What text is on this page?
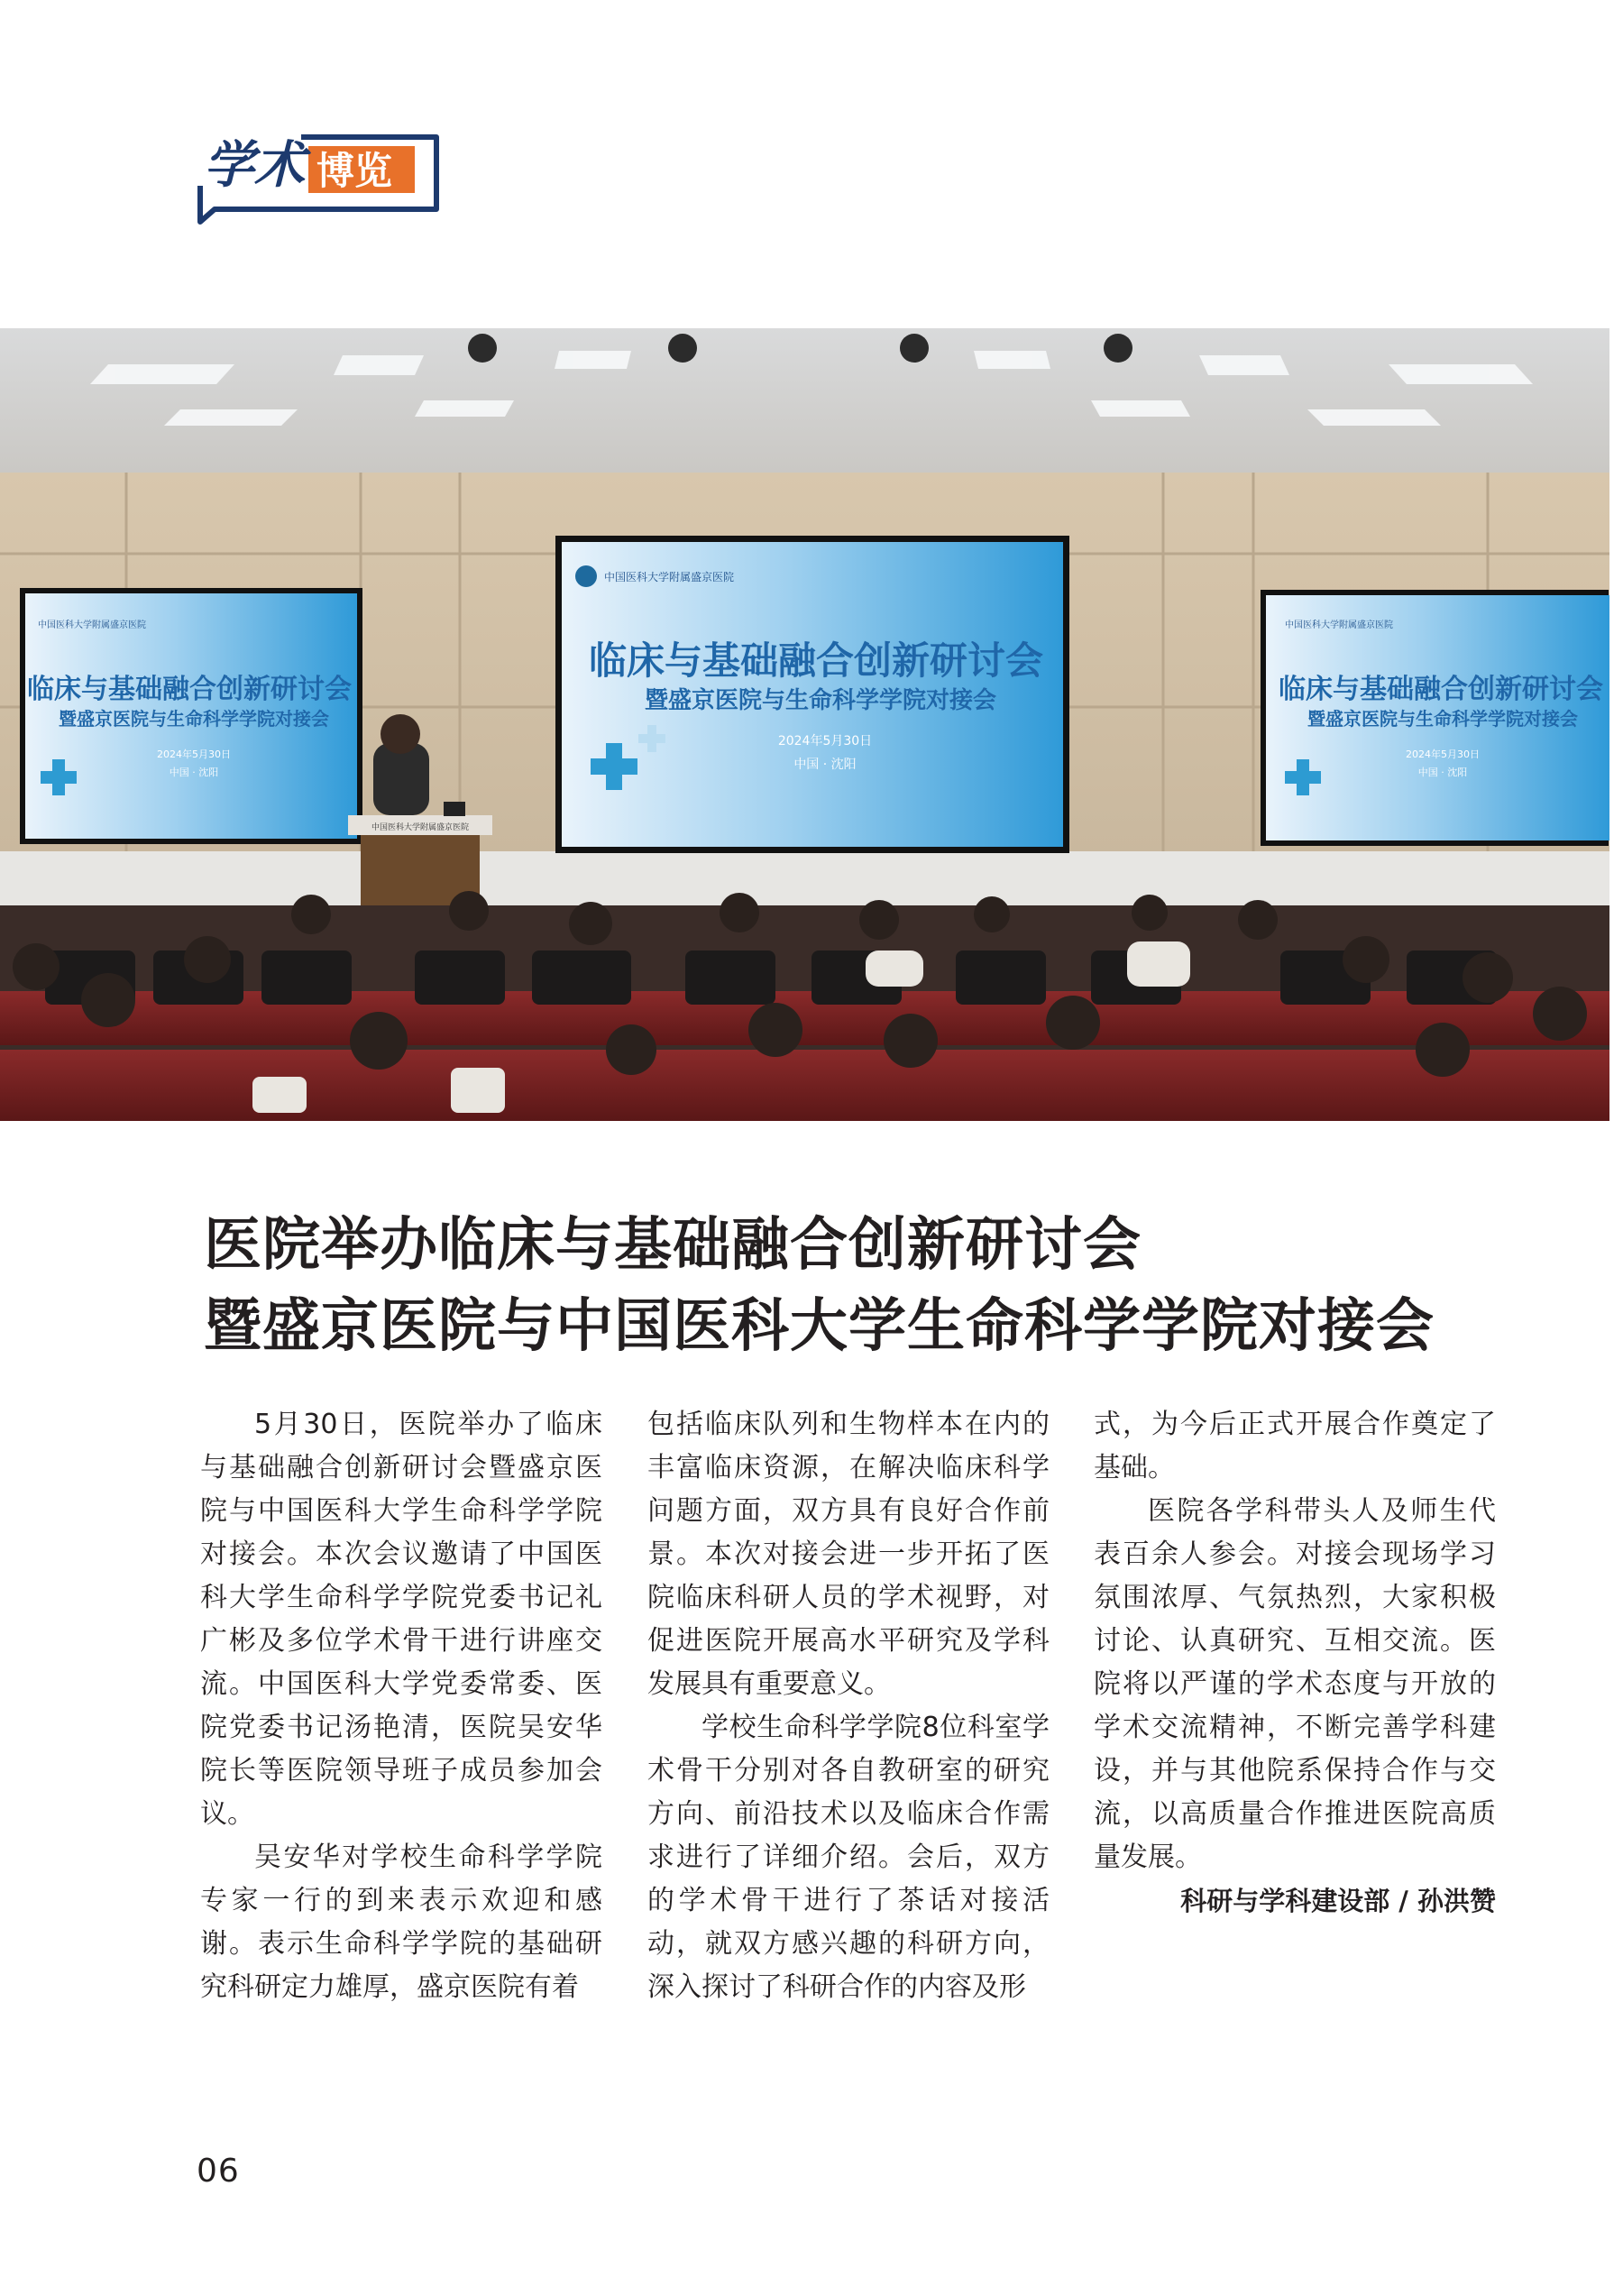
学术 博览
中国医科大学附属盛京医院
临床与基础融合创新研讨会
暨盛京医院与生命科学学院对接会
2024年5月30日
中国 · 沈阳
中国医科大学附属盛京医院
临床与基础融合创新研讨会
暨盛京医院与生命科学学院对接会
2024年5月30日
中国 · 沈阳
中国医科大学附属盛京医院
临床与基础融合创新研讨会
暨盛京医院与生命科学学院对接会
2024年5月30日
中国 · 沈阳
中国医科大学附属盛京医院
医院举办临床与基础融合创新研讨会
暨盛京医院与中国医科大学生命科学学院对接会

5月30日，医院举办了临床与基础融合创新研讨会暨盛京医院与中国医科大学生命科学学院对接会。本次会议邀请了中国医科大学生命科学学院党委书记礼广彬及多位学术骨干进行讲座交流。中国医科大学党委常委、医院党委书记汤艳清，医院吴安华院长等医院领导班子成员参加会议。

吴安华对学校生命科学学院专家一行的到来表示欢迎和感谢。表示生命科学学院的基础研究科研定力雄厚，盛京医院有着

包括临床队列和生物样本在内的丰富临床资源，在解决临床科学问题方面，双方具有良好合作前景。本次对接会进一步开拓了医院临床科研人员的学术视野，对促进医院开展高水平研究及学科发展具有重要意义。

学校生命科学学院8位科室学术骨干分别对各自教研室的研究方向、前沿技术以及临床合作需求进行了详细介绍。会后，双方的学术骨干进行了茶话对接活动，就双方感兴趣的科研方向，深入探讨了科研合作的内容及形

式，为今后正式开展合作奠定了基础。

医院各学科带头人及师生代表百余人参会。对接会现场学习氛围浓厚、气氛热烈，大家积极讨论、认真研究、互相交流。医院将以严谨的学术态度与开放的学术交流精神，不断完善学科建设，并与其他院系保持合作与交流，以高质量合作推进医院高质量发展。

科研与学科建设部 / 孙洪赞

06
